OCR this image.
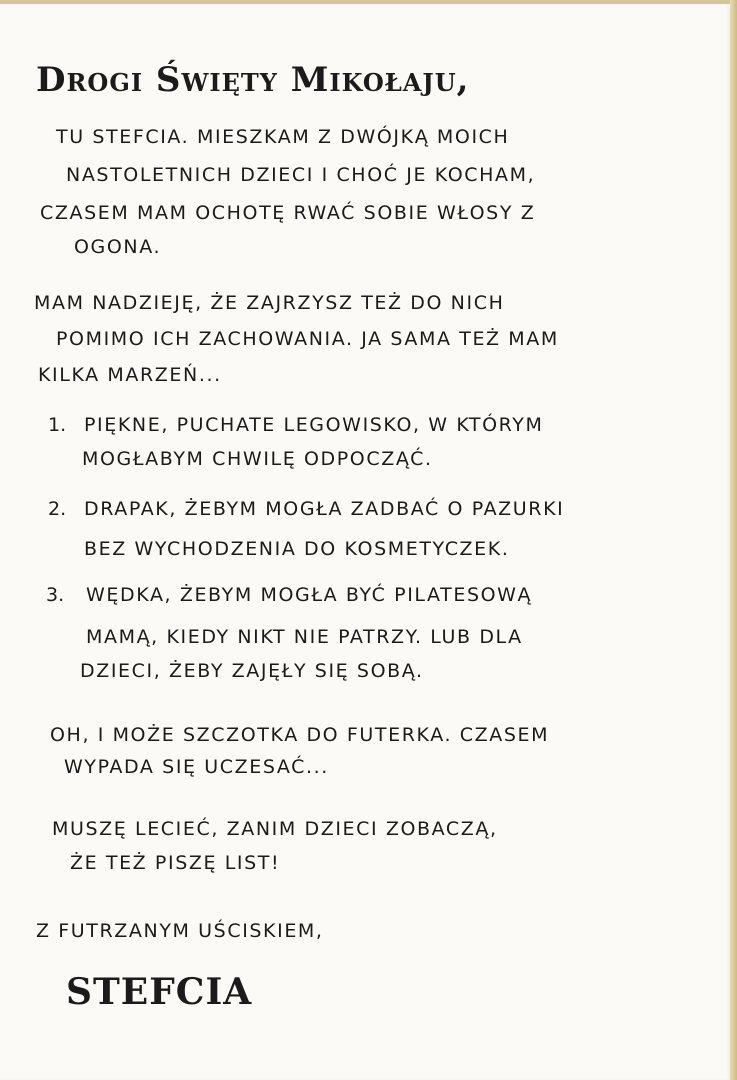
Drogi Święty Mikołaju,
TU STEFCIA. MIESZKAM Z DWÓJKĄ MOICH
NASTOLETNICH DZIECI I CHOĆ JE KOCHAM,
CZASEM MAM OCHOTĘ RWAĆ SOBIE WŁOSY Z
OGONA.
MAM NADZIEJĘ, ŻE ZAJRZYSZ TEŻ DO NICH
POMIMO ICH ZACHOWANIA. JA SAMA TEŻ MAM
KILKA MARZEŃ...
1. PIĘKNE, PUCHATE LEGOWISKO, W KTÓRYM
MOGŁABYM CHWILĘ ODPOCZĄĆ.
2. DRAPAK, ŻEBYM MOGŁA ZADBAĆ O PAZURKI
BEZ WYCHODZENIA DO KOSMETYCZEK.
3. WĘDKA, ŻEBYM MOGŁA BYĆ PILATESOWĄ
MAMĄ, KIEDY NIKT NIE PATRZY. LUB DLA
DZIECI, ŻEBY ZAJĘŁY SIĘ SOBĄ.
OH, I MOŻE SZCZOTKA DO FUTERKA. CZASEM
WYPADA SIĘ UCZESAĆ...
MUSZĘ LECIEĆ, ZANIM DZIECI ZOBACZĄ,
ŻE TEŻ PISZĘ LIST!
Z FUTRZANYM UŚCISKIEM,
STEFCIA
